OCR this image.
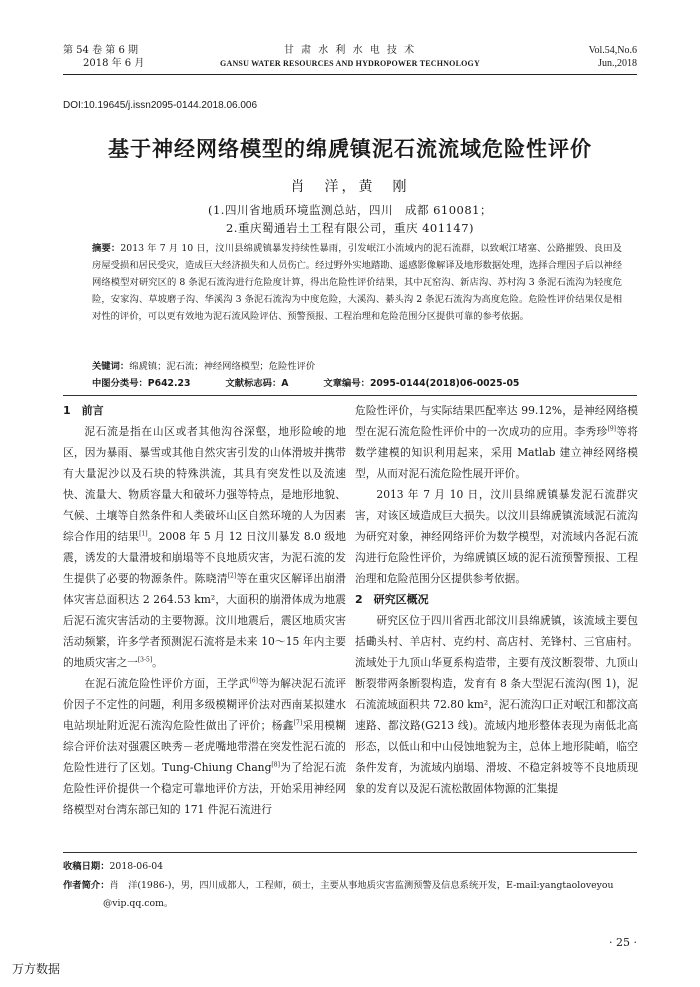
第 54 卷 第 6 期
2018 年 6 月
甘 肃 水 利 水 电 技 术
GANSU WATER RESOURCES AND HYDROPOWER TECHNOLOGY
Vol.54,No.6
Jun.,2018
DOI:10.19645/j.issn2095-0144.2018.06.006
基于神经网络模型的绵虒镇泥石流流域危险性评价
肖　洋，黄　刚
(1.四川省地质环境监测总站，四川　成都 610081；
2.重庆蜀通岩土工程有限公司，重庆 401147)
摘要：2013 年 7 月 10 日，汶川县绵虒镇暴发持续性暴雨，引发岷江小流域内的泥石流群，以致岷江堵塞、公路摧毁、良田及房屋受损和居民受灾，造成巨大经济损失和人员伤亡。经过野外实地踏勘、遥感影像解译及地形数据处理，选择合理因子后以神经网络模型对研究区的 8 条泥石流沟进行危险度计算，得出危险性评价结果，其中瓦窑沟、新店沟、苏村沟 3 条泥石流沟为轻度危险，安家沟、草坡磨子沟、华溪沟 3 条泥石流沟为中度危险，大溪沟、綦头沟 2 条泥石流沟为高度危险。危险性评价结果仅是相对性的评价，可以更有效地为泥石流风险评估、预警预报、工程治理和危险范围分区提供可靠的参考依据。
关键词：绵虒镇；泥石流；神经网络模型；危险性评价
中图分类号：P642.23	文献标志码：A	文章编号：2095-0144(2018)06-0025-05
1　前言

泥石流是指在山区或者其他沟谷深壑，地形险峻的地区，因为暴雨、暴雪或其他自然灾害引发的山体滑坡并携带有大量泥沙以及石块的特殊洪流，其具有突发性以及流速快、流量大、物质容量大和破坏力强等特点，是地形地貌、气候、土壤等自然条件和人类破坏山区自然环境的人为因素综合作用的结果[1]。2008 年 5 月 12 日汶川暴发 8.0 级地震，诱发的大量滑坡和崩塌等不良地质灾害，为泥石流的发生提供了必要的物源条件。陈晓清[2]等在重灾区解译出崩滑体灾害总面积达 2 264.53 km²，大面积的崩滑体成为地震后泥石流灾害活动的主要物源。汶川地震后，震区地质灾害活动频繁，许多学者预测泥石流将是未来 10～15 年内主要的地质灾害之一[3-5]。

在泥石流危险性评价方面，王学武[6]等为解决泥石流评价因子不定性的问题，利用多级模糊评价法对西南某拟建水电站坝址附近泥石流沟危险性做出了评价；杨鑫[7]采用模糊综合评价法对强震区映秀－老虎嘴地带潜在突发性泥石流的危险性进行了区划。Tung-Chiung Chang[8]为了给泥石流危险性评价提供一个稳定可靠地评价方法，开始采用神经网络模型对台湾东部已知的 171 件泥石流进行

危险性评价，与实际结果匹配率达 99.12%，是神经网络模型在泥石流危险性评价中的一次成功的应用。李秀珍[9]等将数学建模的知识利用起来，采用 Matlab 建立神经网络模型，从而对泥石流危险性展开评价。

2013 年 7 月 10 日，汶川县绵虒镇暴发泥石流群灾害，对该区域造成巨大损失。以汶川县绵虒镇流域泥石流沟为研究对象，神经网络评价为数学模型，对流域内各泥石流沟进行危险性评价，为绵虒镇区域的泥石流预警预报、工程治理和危险范围分区提供参考依据。

2　研究区概况

研究区位于四川省西北部汶川县绵虒镇，该流域主要包括磡头村、羊店村、克约村、高店村、羌锋村、三官庙村。流域处于九顶山华夏系构造带，主要有茂汶断裂带、九顶山断裂带两条断裂构造，发育有 8 条大型泥石流沟(图 1)，泥石流流域面积共 72.80 km²，泥石流沟口正对岷江和都汶高速路、都汶路(G213 线)。流域内地形整体表现为南低北高形态，以低山和中山侵蚀地貌为主，总体上地形陡峭，临空条件发育，为流域内崩塌、滑坡、不稳定斜坡等不良地质现象的发育以及泥石流松散固体物源的汇集提

收稿日期：2018-06-04
作者简介：肖　洋(1986-)，男，四川成都人，工程师，硕士，主要从事地质灾害监测预警及信息系统开发，E-mail:yangtaoloveyou
@vip.qq.com。
· 25 ·
万方数据
